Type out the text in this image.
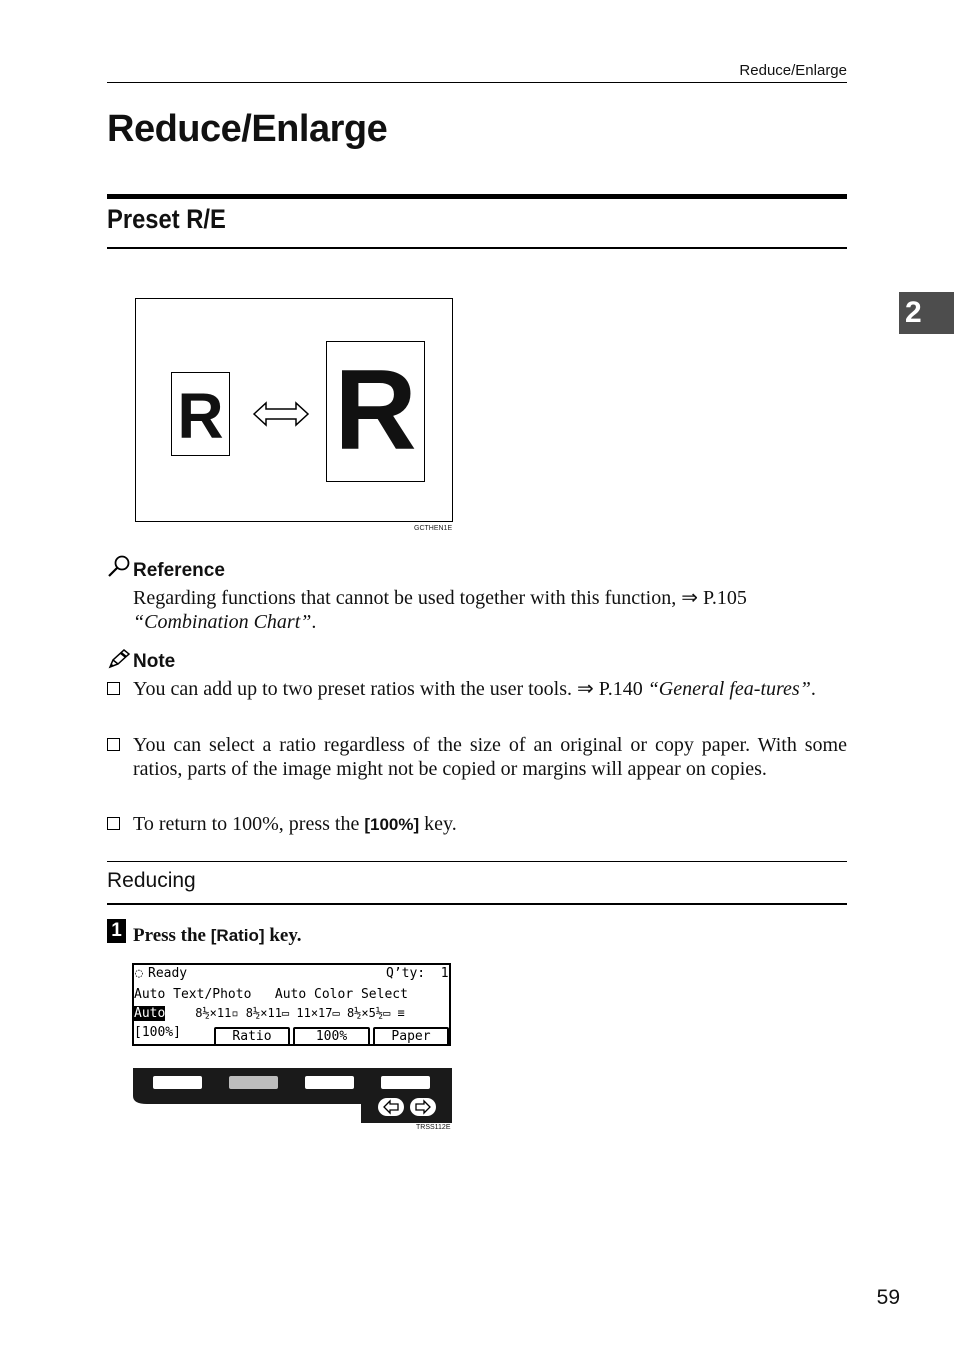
Reduce/Enlarge
Reduce/Enlarge
2
Preset R/E
R R
GCTHEN1E
Reference
Regarding functions that cannot be used together with this function, ⇒ P.105 “Combination Chart”.
Note
You can add up to two preset ratios with the user tools. ⇒ P.140 “General fea-tures”.
You can select a ratio regardless of the size of an original or copy paper. With some ratios, parts of the image might not be copied or margins will appear on copies.
To return to 100%, press the [100%] key.
Reducing
1 Press the [Ratio] key.
◌ Ready	Q’ty:  1
Auto Text/Photo   Auto Color Select
Auto 8½×11▫ 8½×11▭ 11×17▭ 8½×5½▭ ≡
[100%]	Ratio	100%	Paper
TRSS112E
59
